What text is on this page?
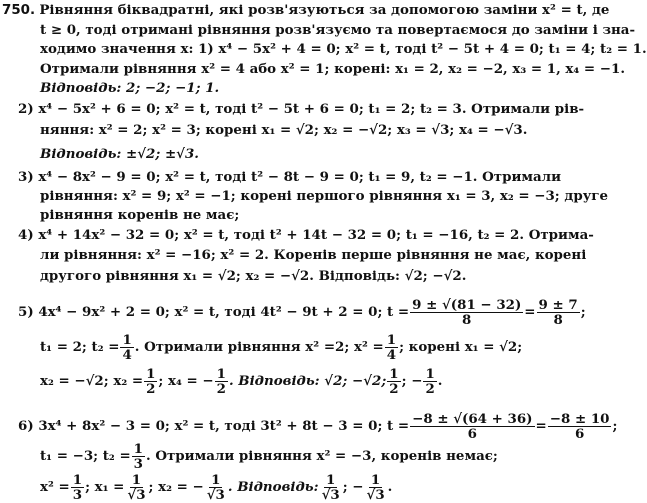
750. Рівняння біквадратні, які розв'язуються за допомогою заміни x² = t, де
t ≥ 0, тоді отримані рівняння розв'язуємо та повертаємося до заміни і зна-
ходимо значення x: 1) x⁴ − 5x² + 4 = 0; x² = t, тоді t² − 5t + 4 = 0; t₁ = 4; t₂ = 1.
Отримали рівняння x² = 4 або x² = 1; корені: x₁ = 2, x₂ = −2, x₃ = 1, x₄ = −1.
Відповідь: 2; −2; −1; 1.
2) x⁴ − 5x² + 6 = 0; x² = t, тоді t² − 5t + 6 = 0; t₁ = 2; t₂ = 3. Отримали рів-
няння: x² = 2; x² = 3; корені x₁ = √2; x₂ = −√2; x₃ = √3; x₄ = −√3.
Відповідь: ±√2; ±√3.
3) x⁴ − 8x² − 9 = 0; x² = t, тоді t² − 8t − 9 = 0; t₁ = 9, t₂ = −1. Отримали
рівняння: x² = 9; x² = −1; корені першого рівняння x₁ = 3, x₂ = −3; друге
рівняння коренів не має;
4) x⁴ + 14x² − 32 = 0; x² = t, тоді t² + 14t − 32 = 0; t₁ = −16, t₂ = 2. Отрима-
ли рівняння: x² = −16; x² = 2. Коренів перше рівняння не має, корені
другого рівняння x₁ = √2; x₂ = −√2. Відповідь: √2; −√2.
5) 4x⁴ − 9x² + 2 = 0; x² = t, тоді 4t² − 9t + 2 = 0; $t = \frac{9 \pm √(81 - 32)}{8} = \frac{9 \pm 7}{8}$ ;
t₁ = 2; $t_2 = \frac{1}{4}$ . Отримали рівняння x² = 2 ; $x^2 = \frac{1}{4}$ ; корені x₁ = √2;
x₂ = −√2; $x_2 = \frac{1}{2}$ ; x₄ = − $\frac{1}{2}$ . Відповідь: √2; −√2; $\frac{1}{2}$ ; − $\frac{1}{2}$ .
6) 3x⁴ + 8x² − 3 = 0; x² = t, тоді 3t² + 8t − 3 = 0; $t = \frac{-8 \pm √(64 + 36)}{6} = \frac{-8 \pm 10}{6}$ ;
t₁ = −3; $t_2 = \frac{1}{3}$ . Отримали рівняння x² = −3, коренів немає;
$x^2 = \frac{1}{3}$ ; $x_1 = \frac{1}{√3}$ ; x₂ = − $\frac{1}{√3}$ . Відповідь: $\frac{1}{√3}$ ; − $\frac{1}{√3}$ .
